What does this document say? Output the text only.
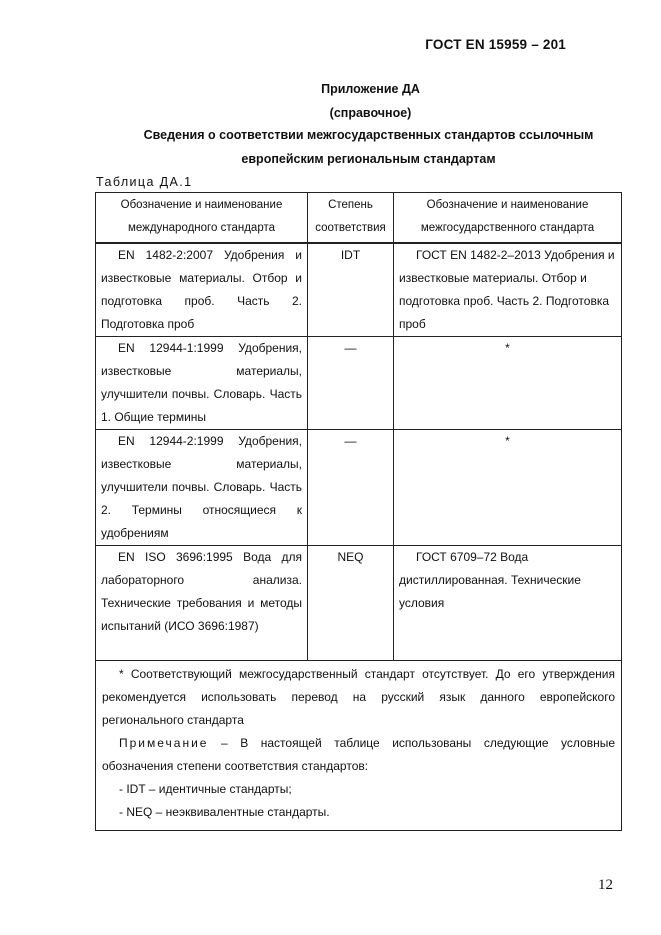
ГОСТ EN 15959 – 201
Приложение ДА
(справочное)
Сведения о соответствии межгосударственных стандартов ссылочным
европейским региональным стандартам
Таблица ДА.1
Обозначение и наименование международного стандарта	Степень соответствия	Обозначение и наименование межгосударственного стандарта
EN 1482-2:2007 Удобрения и известковые материалы. Отбор и подготовка проб. Часть 2. Подготовка проб	IDT	ГОСТ EN 1482-2–2013 Удобрения и известковые материалы. Отбор и подготовка проб. Часть 2. Подготовка проб
EN 12944-1:1999 Удобрения, известковые материалы, улучшители почвы. Словарь. Часть 1. Общие термины	—	*
EN 12944-2:1999 Удобрения, известковые материалы, улучшители почвы. Словарь. Часть 2. Термины относящиеся к удобрениям	—	*
EN ISO 3696:1995 Вода для лабораторного анализа. Технические требования и методы испытаний (ИСО 3696:1987)	NEQ	ГОСТ 6709–72 Вода дистиллированная. Технические условия

* Соответствующий межгосударственный стандарт отсутствует. До его утверждения рекомендуется использовать перевод на русский язык данного европейского регионального стандарта

Примечание – В настоящей таблице использованы следующие условные обозначения степени соответствия стандартов:

- IDT – идентичные стандарты;

- NEQ – неэквивалентные стандарты.		

12
